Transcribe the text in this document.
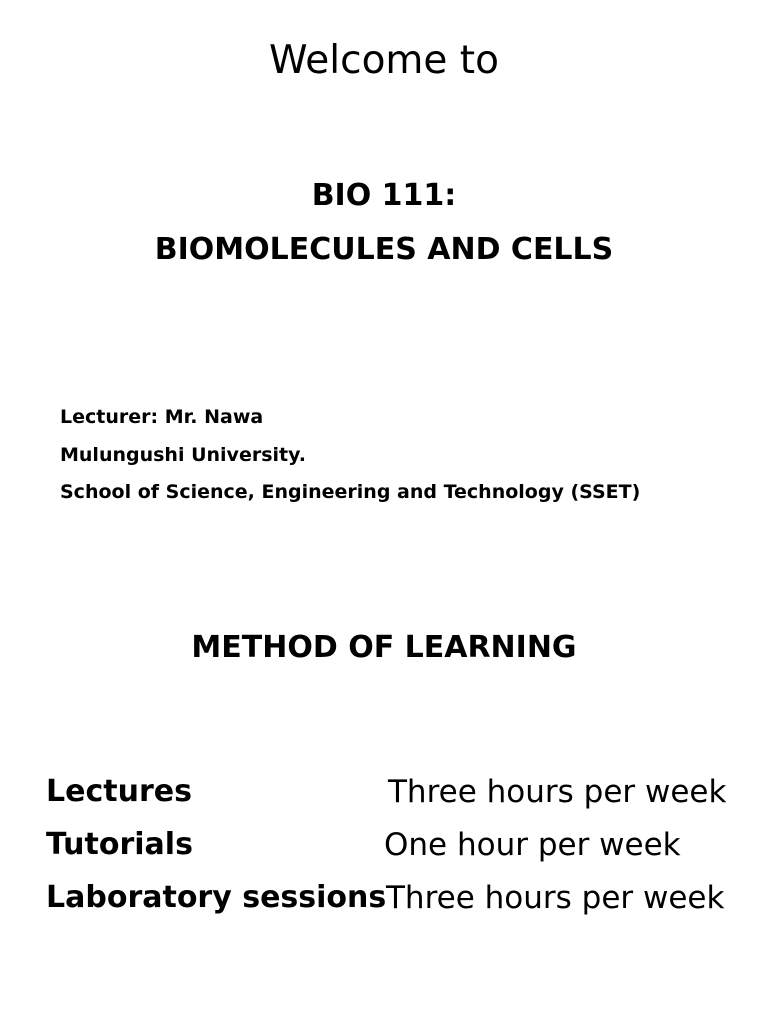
Welcome to
BIO 111:
BIOMOLECULES AND CELLS
Lecturer: Mr. Nawa
Mulungushi University.
School of Science, Engineering and Technology (SSET)
METHOD OF LEARNING
Lectures	Three hours per week
Tutorials	One hour per week
Laboratory sessions Three hours per week
